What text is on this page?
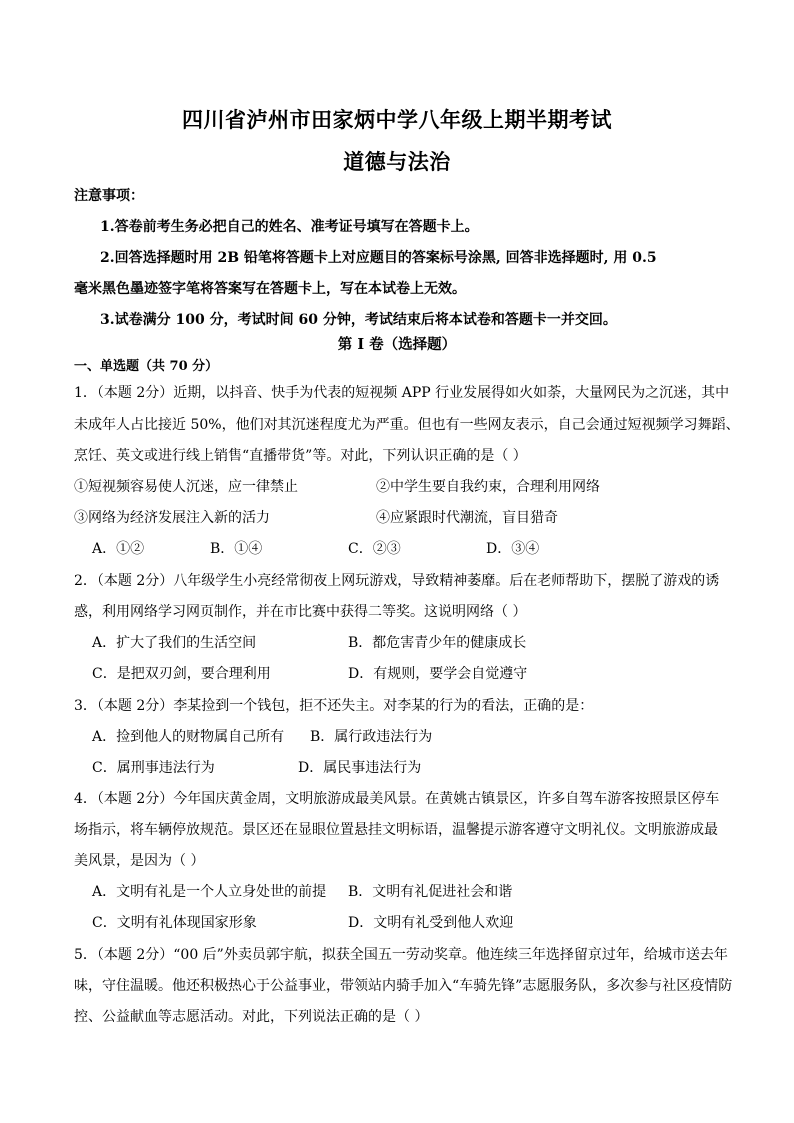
四川省泸州市田家炳中学八年级上期半期考试
道德与法治
注意事项：
1.答卷前考生务必把自己的姓名、准考证号填写在答题卡上。
2.回答选择题时用 2B 铅笔将答题卡上对应题目的答案标号涂黑, 回答非选择题时, 用 0.5
毫米黑色墨迹签字笔将答案写在答题卡上，写在本试卷上无效。
3.试卷满分 100 分，考试时间 60 分钟，考试结束后将本试卷和答题卡一并交回。
第 I 卷（选择题）
一、单选题（共 70 分）
1．（本题 2分）近期，以抖音、快手为代表的短视频 APP 行业发展得如火如荼，大量网民为之沉迷，其中
未成年人占比接近 50%，他们对其沉迷程度尤为严重。但也有一些网友表示，自己会通过短视频学习舞蹈、
烹饪、英文或进行线上销售“直播带货”等。对此，下列认识正确的是（ ）
①短视频容易使人沉迷，应一律禁止	②中学生要自我约束，合理利用网络
③网络为经济发展注入新的活力	④应紧跟时代潮流，盲目猎奇
A．①②	B．①④	C．②③	D．③④
2．（本题 2分）八年级学生小亮经常彻夜上网玩游戏，导致精神萎靡。后在老师帮助下，摆脱了游戏的诱
惑，利用网络学习网页制作，并在市比赛中获得二等奖。这说明网络（ ）
A．扩大了我们的生活空间	B．都危害青少年的健康成长
C．是把双刃剑，要合理利用	D．有规则，要学会自觉遵守
3．（本题 2分）李某捡到一个钱包，拒不还失主。对李某的行为的看法，正确的是：
A．捡到他人的财物属自己所有 B．属行政违法行为
C．属刑事违法行为	D．属民事违法行为
4．（本题 2分）今年国庆黄金周，文明旅游成最美风景。在黄姚古镇景区，许多自驾车游客按照景区停车
场指示，将车辆停放规范。景区还在显眼位置悬挂文明标语，温馨提示游客遵守文明礼仪。文明旅游成最
美风景，是因为（ ）
A．文明有礼是一个人立身处世的前提 B．文明有礼促进社会和谐
C．文明有礼体现国家形象	D．文明有礼受到他人欢迎
5．（本题 2分）“00 后”外卖员郭宇航，拟获全国五一劳动奖章。他连续三年选择留京过年，给城市送去年
味，守住温暖。他还积极热心于公益事业，带领站内骑手加入“车骑先锋”志愿服务队，多次参与社区疫情防
控、公益献血等志愿活动。对此，下列说法正确的是（ ）
